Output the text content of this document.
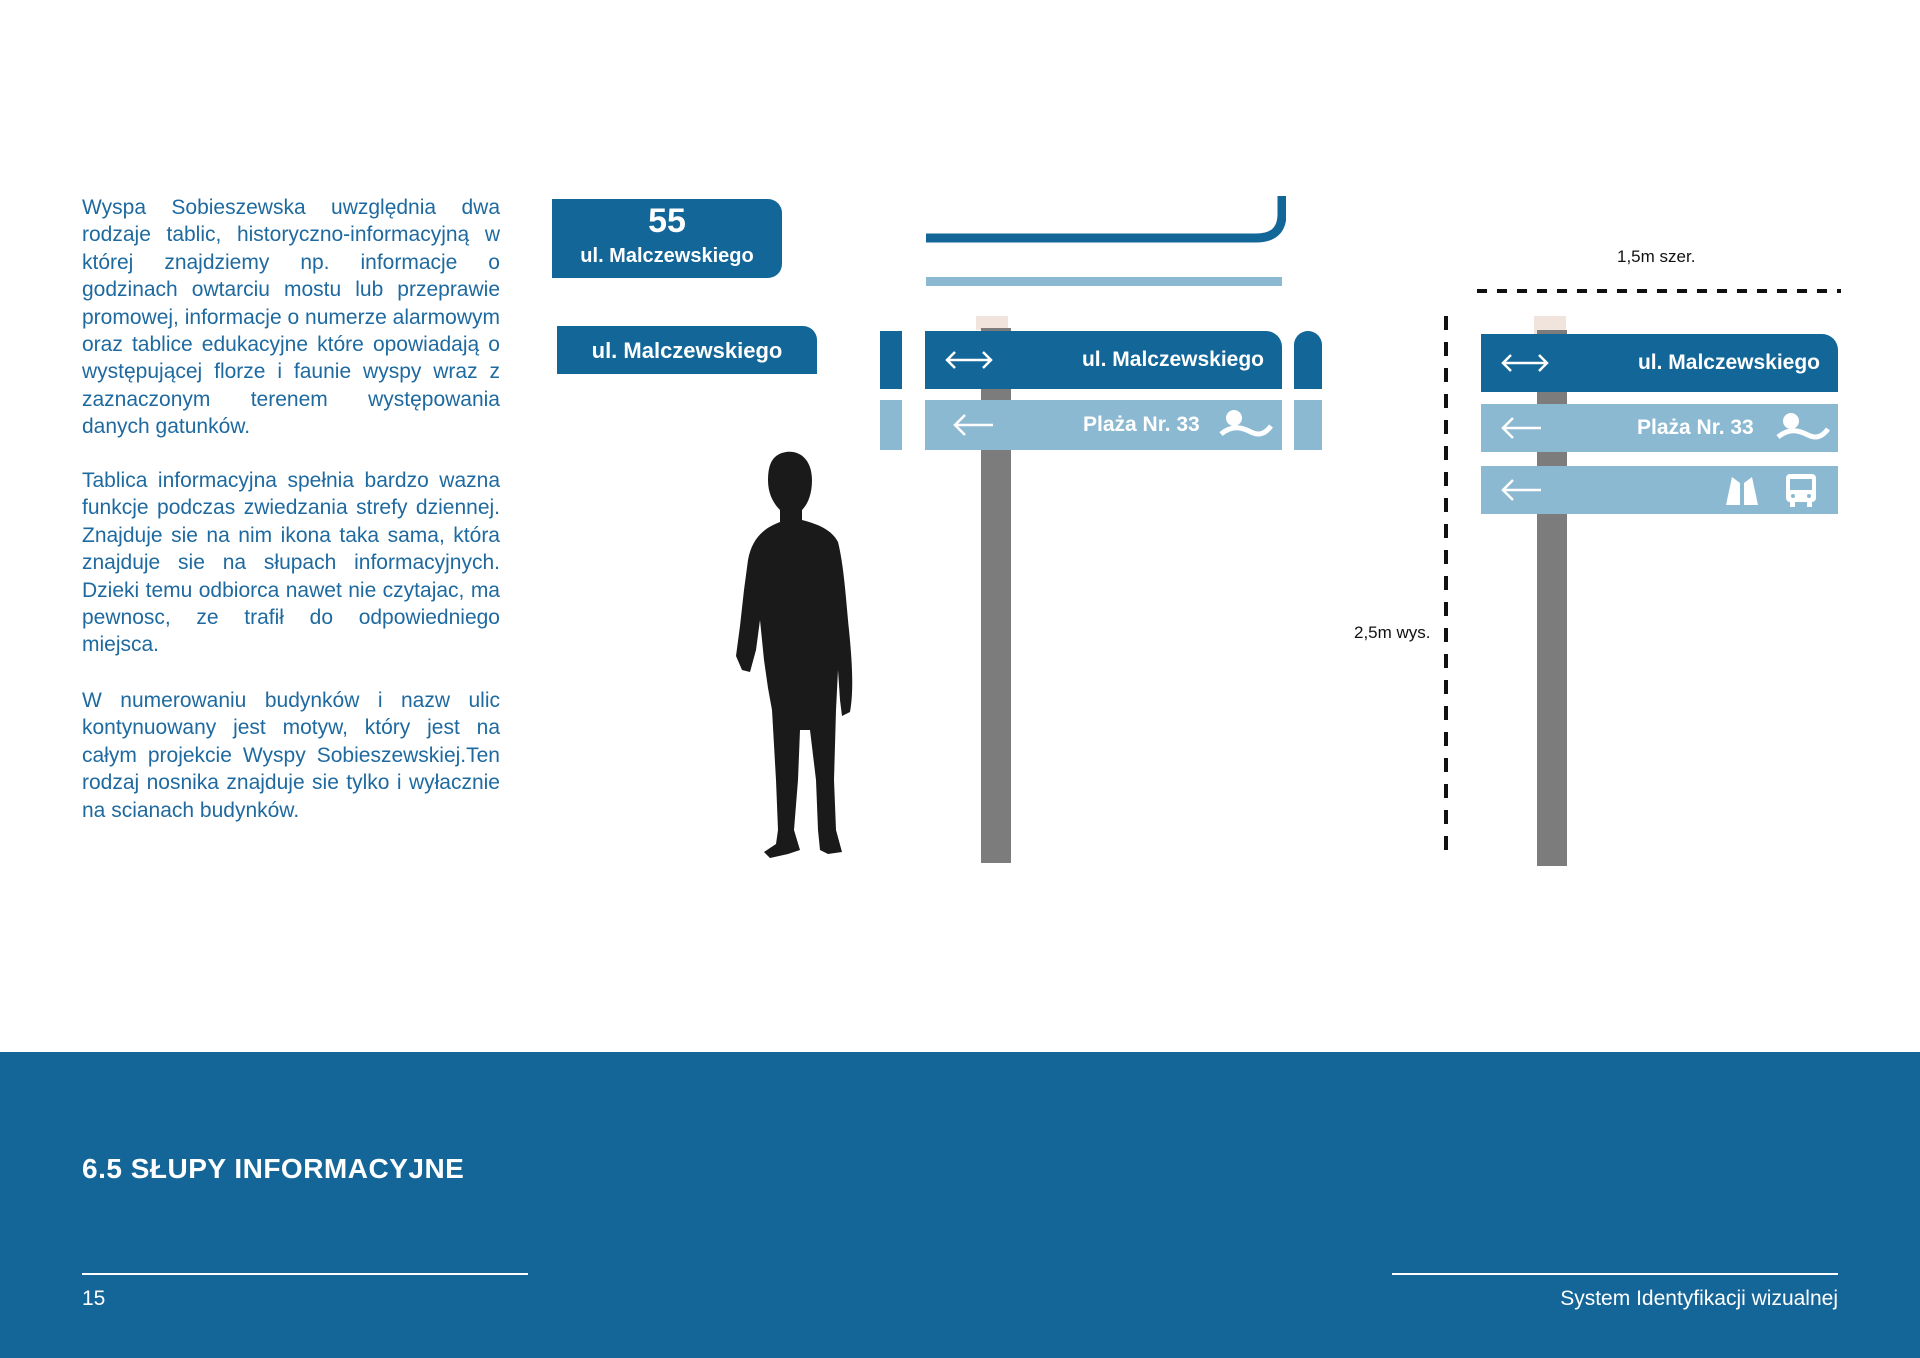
Wyspa Sobieszewska uwzględnia dwa rodzaje tablic, historyczno-informacyjną w której znajdziemy np. informacje o godzinach owtarciu mostu lub przeprawie promowej, informacje o numerze alarmowym oraz tablice edukacyjne które opowiadają o występującej florze i faunie wyspy wraz z zaznaczonym terenem występowania danych gatunków.

Tablica informacyjna spełnia bardzo wazna funkcje podczas zwiedzania strefy dziennej. Znajduje sie na nim ikona taka sama, która znajduje sie na słupach informacyjnych. Dzieki temu odbiorca nawet nie czytajac, ma pewnosc, ze trafił do odpowiedniego miejsca.

W numerowaniu budynków i nazw ulic kontynuowany jest motyw, który jest na całym projekcie Wyspy Sobieszewskiej.Ten rodzaj nosnika znajduje sie tylko i wyłacznie na scianach budynków.

55
ul. Malczewskiego
ul. Malczewskiego	ul. Malczewskiego
Plaża Nr. 33
1,5m szer.
2,5m wys.
ul. Malczewskiego
Plaża Nr. 33
6.5 SŁUPY INFORMACYJNE
15	System Identyfikacji wizualnej
